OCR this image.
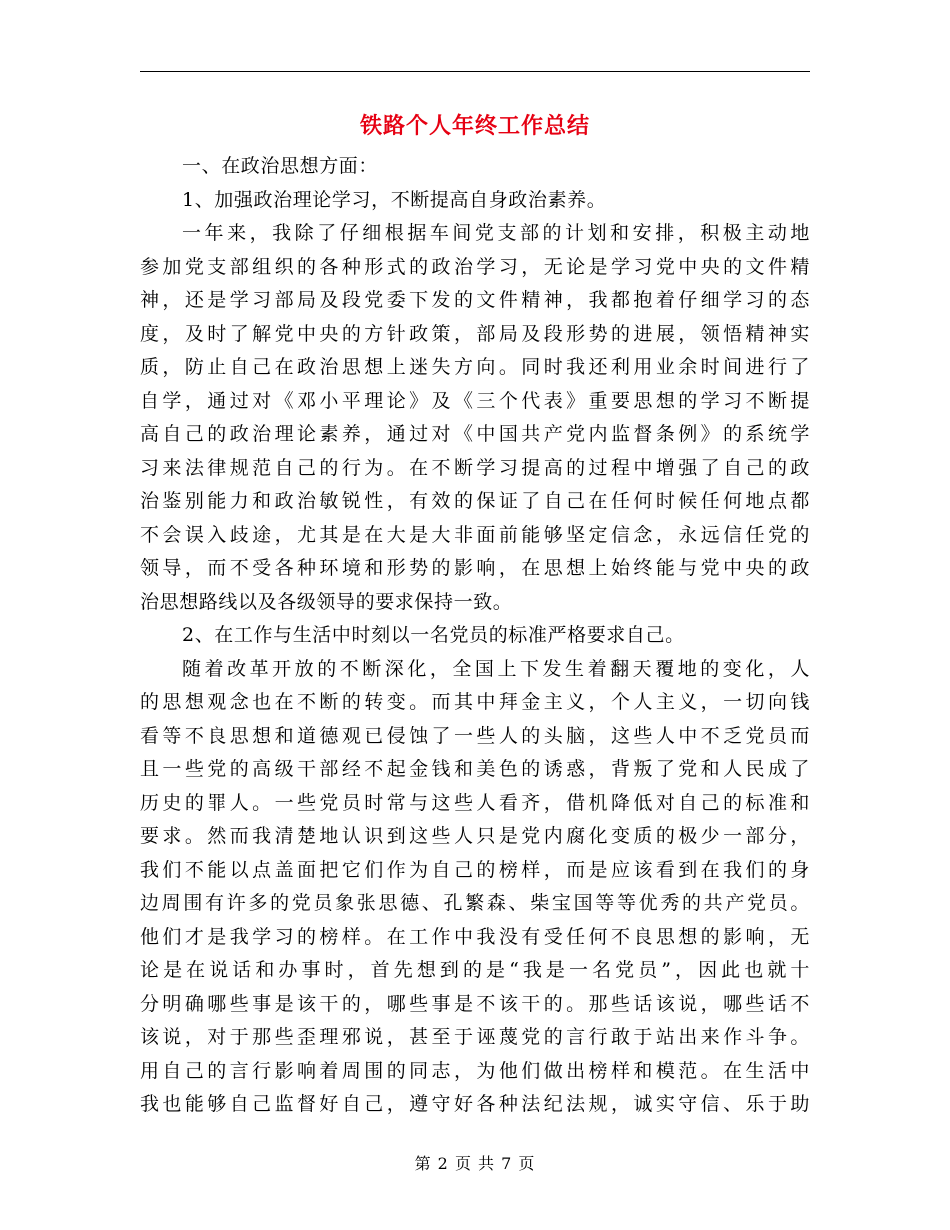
铁路个人年终工作总结
一、在政治思想方面：
1、加强政治理论学习，不断提高自身政治素养。
一年来，我除了仔细根据车间党支部的计划和安排，积极主动地
参加党支部组织的各种形式的政治学习，无论是学习党中央的文件精
神，还是学习部局及段党委下发的文件精神，我都抱着仔细学习的态
度，及时了解党中央的方针政策，部局及段形势的进展，领悟精神实
质，防止自己在政治思想上迷失方向。同时我还利用业余时间进行了
自学，通过对《邓小平理论》及《三个代表》重要思想的学习不断提
高自己的政治理论素养，通过对《中国共产党内监督条例》的系统学
习来法律规范自己的行为。在不断学习提高的过程中增强了自己的政
治鉴别能力和政治敏锐性，有效的保证了自己在任何时候任何地点都
不会误入歧途，尤其是在大是大非面前能够坚定信念，永远信任党的
领导，而不受各种环境和形势的影响，在思想上始终能与党中央的政
治思想路线以及各级领导的要求保持一致。
2、在工作与生活中时刻以一名党员的标准严格要求自己。
随着改革开放的不断深化，全国上下发生着翻天覆地的变化，人
的思想观念也在不断的转变。而其中拜金主义，个人主义，一切向钱
看等不良思想和道德观已侵蚀了一些人的头脑，这些人中不乏党员而
且一些党的高级干部经不起金钱和美色的诱惑，背叛了党和人民成了
历史的罪人。一些党员时常与这些人看齐，借机降低对自己的标准和
要求。然而我清楚地认识到这些人只是党内腐化变质的极少一部分，
我们不能以点盖面把它们作为自己的榜样，而是应该看到在我们的身
边周围有许多的党员象张思德、孔繁森、柴宝国等等优秀的共产党员。
他们才是我学习的榜样。在工作中我没有受任何不良思想的影响，无
论是在说话和办事时，首先想到的是“我是一名党员”，因此也就十
分明确哪些事是该干的，哪些事是不该干的。那些话该说，哪些话不
该说，对于那些歪理邪说，甚至于诬蔑党的言行敢于站出来作斗争。
用自己的言行影响着周围的同志，为他们做出榜样和模范。在生活中
我也能够自己监督好自己，遵守好各种法纪法规，诚实守信、乐于助
第 2 页 共 7 页
